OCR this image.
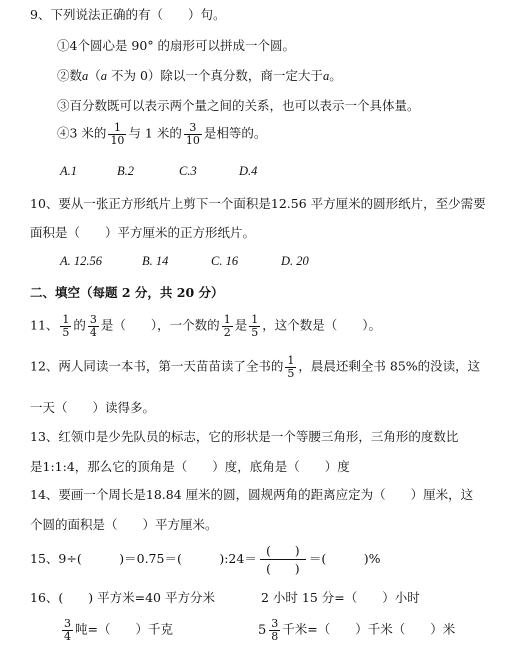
9、下列说法正确的有（　　）句。
①4个圆心是 90° 的扇形可以拼成一个圆。
②数a（a 不为 0）除以一个真分数，商一定大于a。
③百分数既可以表示两个量之间的关系，也可以表示一个具体量。
④3 米的 $\frac{1}{10}$ 与 1 米的 $\frac{3}{10}$ 是相等的。
A.1	B.2	C.3	D.4
10、要从一张正方形纸片上剪下一个面积是12.56 平方厘米的圆形纸片，至少需要
面积是（　　）平方厘米的正方形纸片。
A. 12.56	B. 14	C. 16	D. 20
二、填空（每题 2 分，共 20 分）
11、 $\frac{1}{5}$ 的 $\frac{3}{4}$ 是（　　），一个数的 $\frac{1}{2}$ 是 $\frac{1}{5}$ ，这个数是（　　）。
12、两人同读一本书，第一天苗苗读了全书的 $\frac{1}{5}$ ，晨晨还剩全书 85%的没读，这
一天（　　）读得多。
13、红领巾是少先队员的标志，它的形状是一个等腰三角形，三角形的度数比
是1:1:4，那么它的顶角是（　　）度，底角是（　　）度
14、要画一个周长是18.84 厘米的圆，圆规两角的距离应定为（　　）厘米，这
个圆的面积是（　　）平方厘米。
15、9÷(　　　	)＝0.75＝(　　　	):24＝ (　　)
(　　)
＝(　　　	)%
16、(　　) 平方米=40 平方分米	2 小时 15 分=（　　）小时
$\frac{3}{4}$ 吨=（　　）千克	$5 \frac{3}{8}$ 千米=（　　）千米（　　）米
